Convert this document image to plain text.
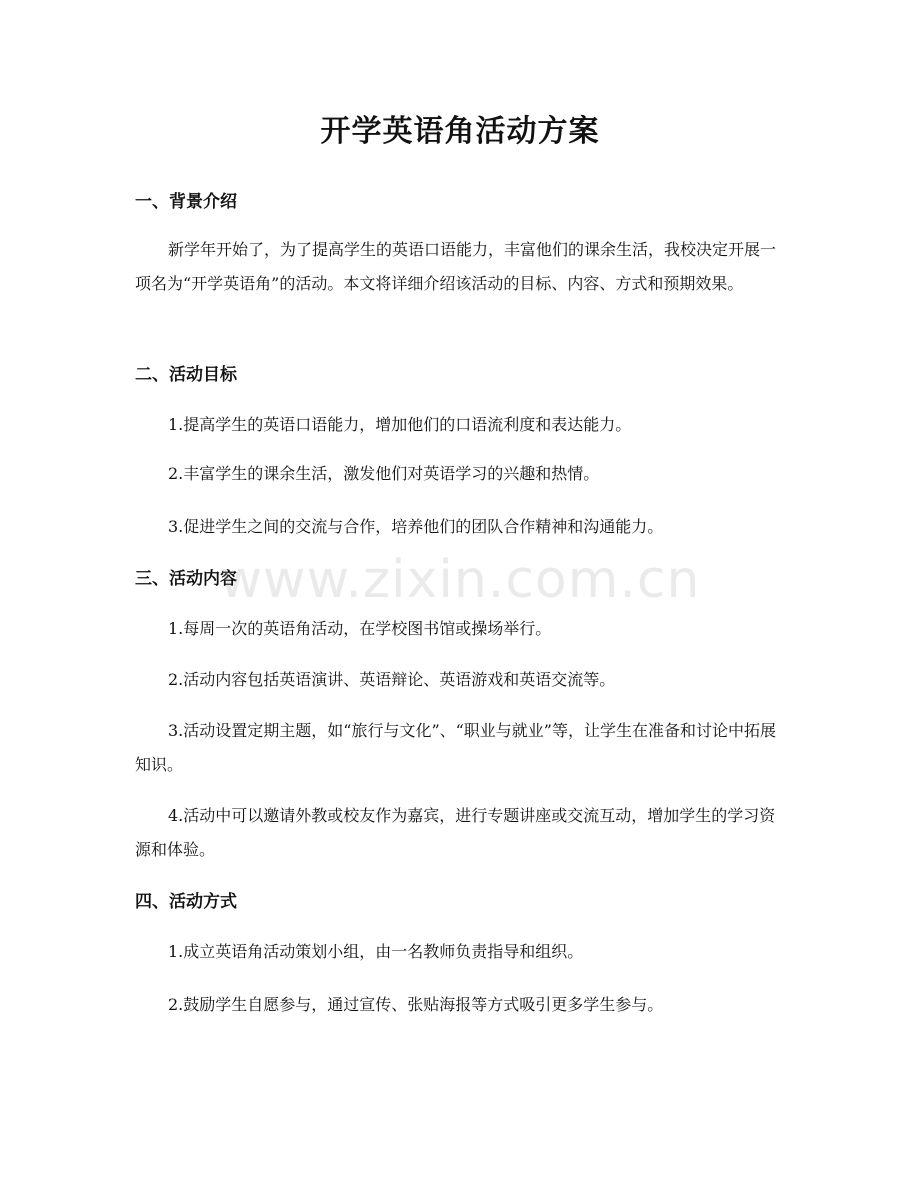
开学英语角活动方案
一、背景介绍

新学年开始了，为了提高学生的英语口语能力，丰富他们的课余生活，我校决定开展一项名为“开学英语角”的活动。本文将详细介绍该活动的目标、内容、方式和预期效果。

二、活动目标

1.提高学生的英语口语能力，增加他们的口语流利度和表达能力。

2.丰富学生的课余生活，激发他们对英语学习的兴趣和热情。

3.促进学生之间的交流与合作，培养他们的团队合作精神和沟通能力。

三、活动内容

1.每周一次的英语角活动，在学校图书馆或操场举行。

2.活动内容包括英语演讲、英语辩论、英语游戏和英语交流等。

3.活动设置定期主题，如“旅行与文化”、“职业与就业”等，让学生在准备和讨论中拓展知识。

4.活动中可以邀请外教或校友作为嘉宾，进行专题讲座或交流互动，增加学生的学习资源和体验。

四、活动方式

1.成立英语角活动策划小组，由一名教师负责指导和组织。

2.鼓励学生自愿参与，通过宣传、张贴海报等方式吸引更多学生参与。

www.zixin.com.cn
